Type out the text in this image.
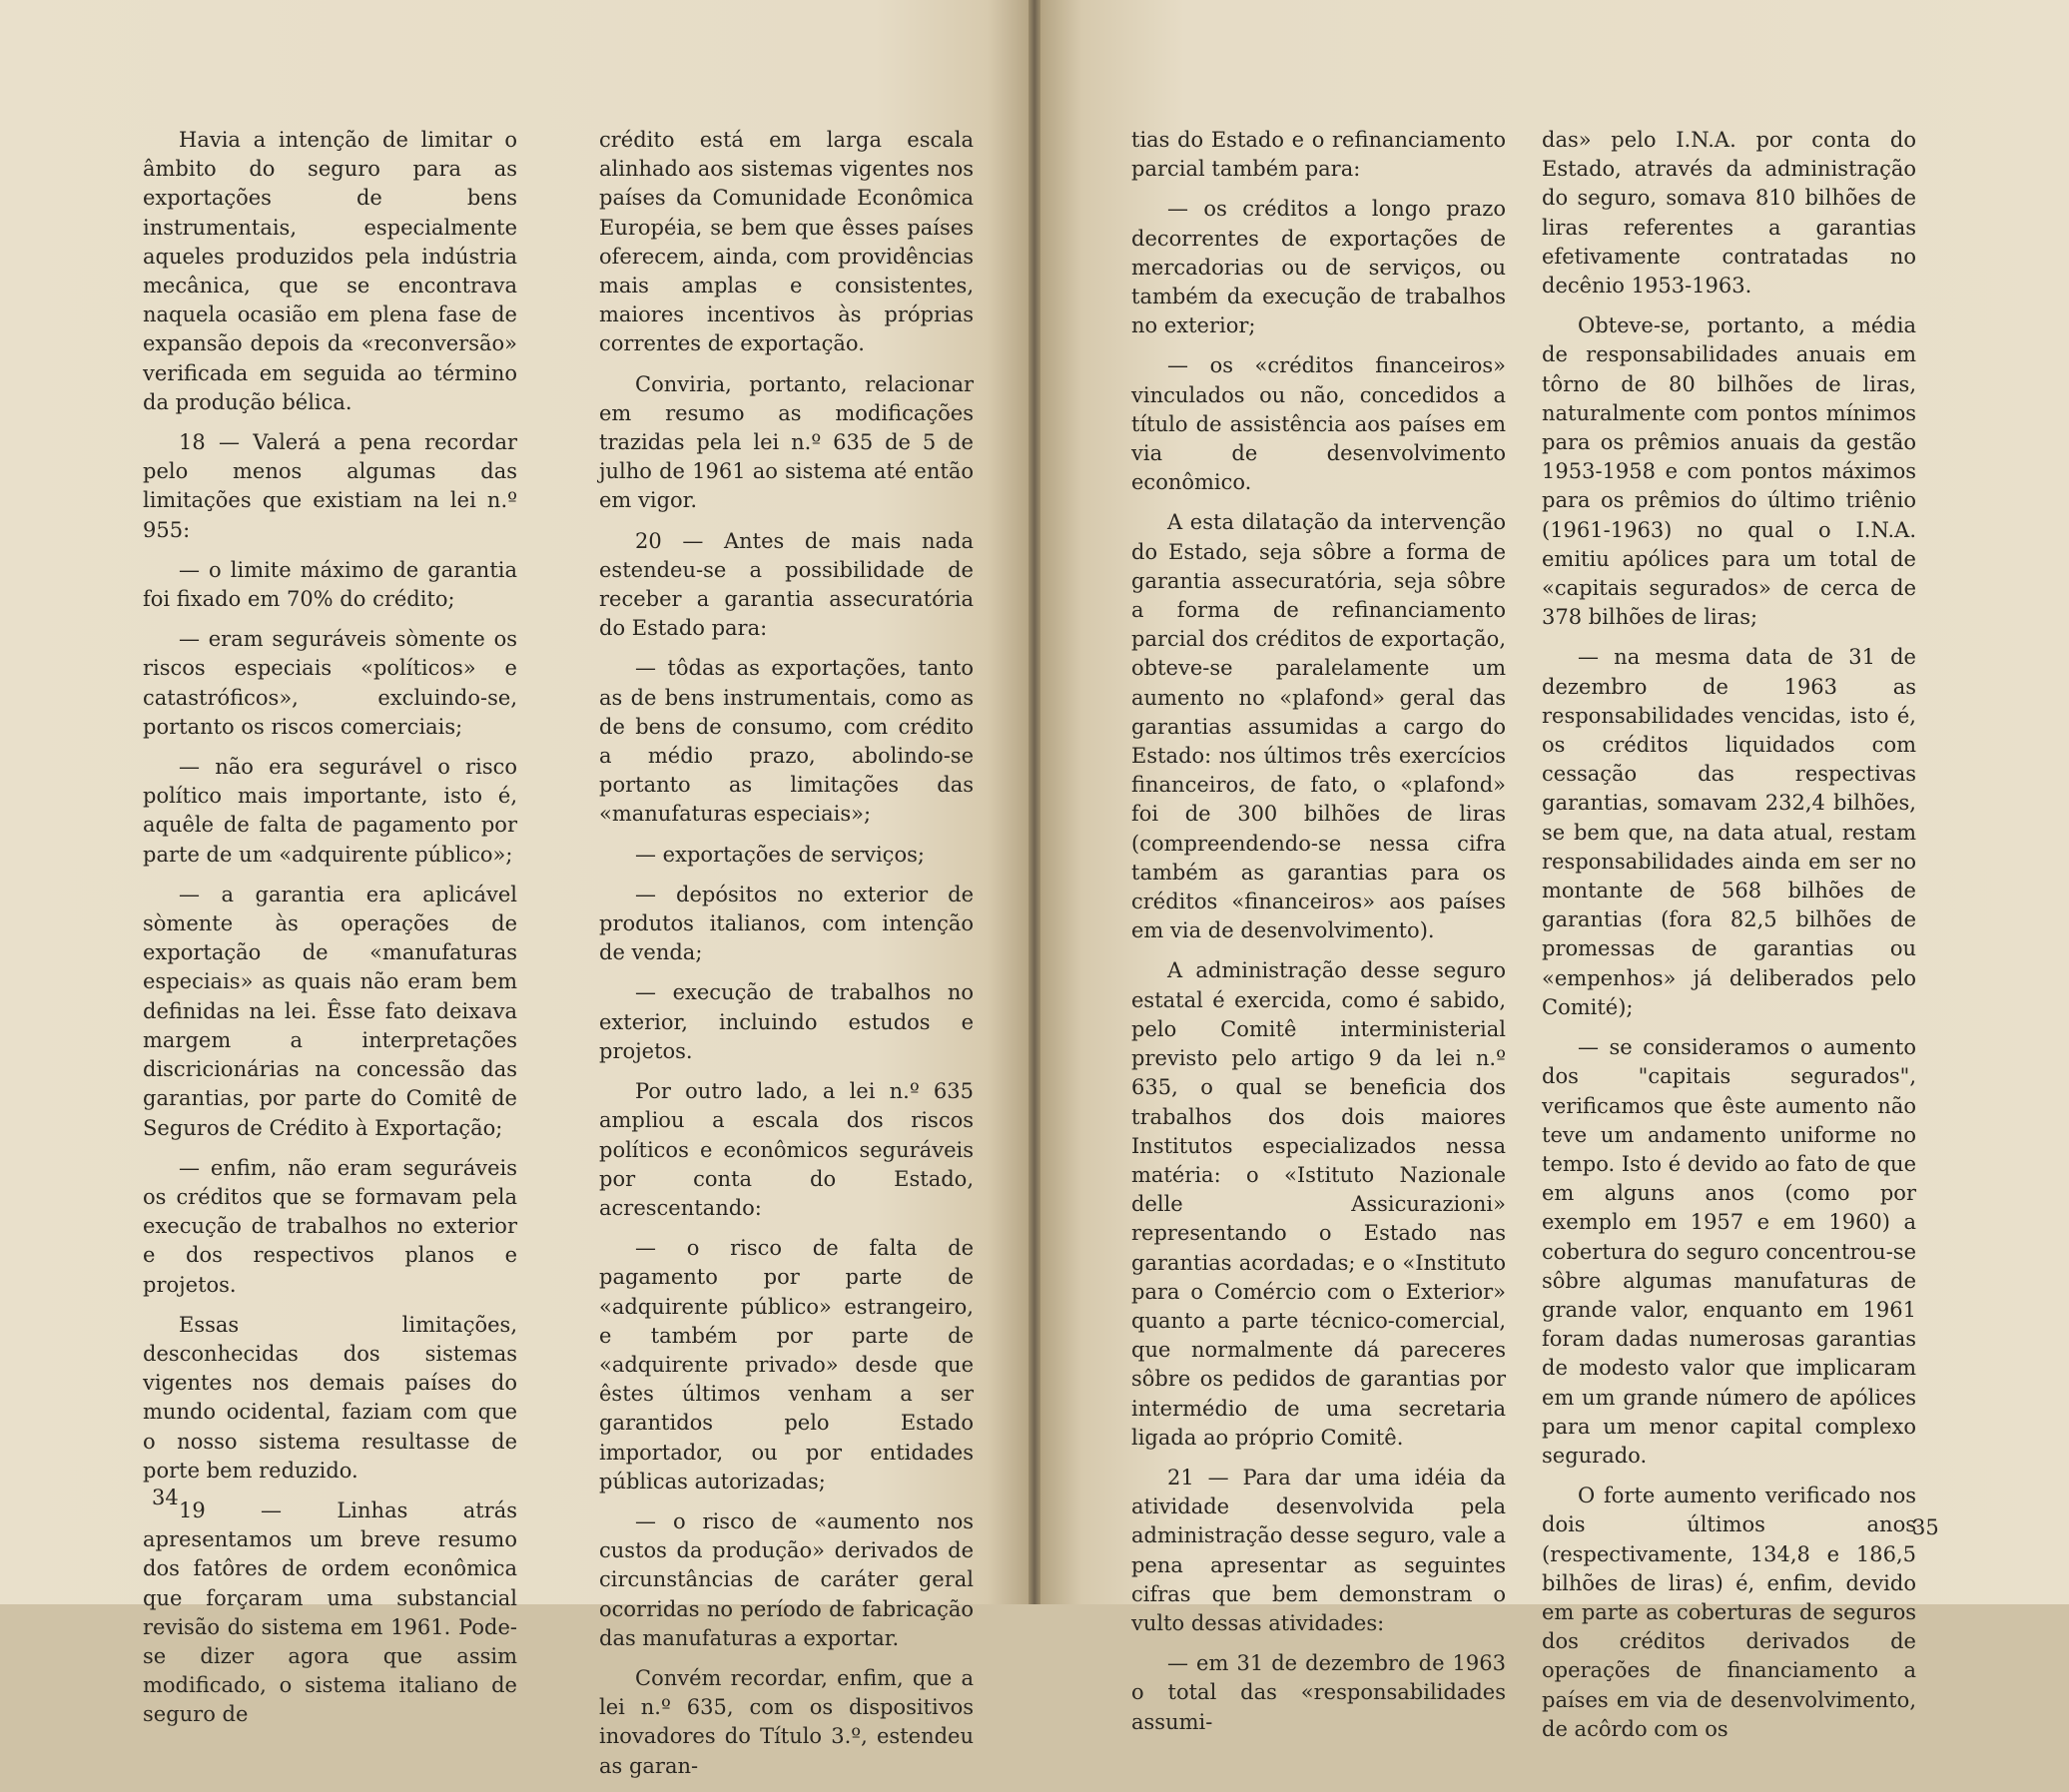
Havia a intenção de limitar o âmbito do seguro para as exportações de bens instrumentais, especialmente aqueles produzidos pela indústria mecânica, que se encontrava naquela ocasião em plena fase de expansão depois da «reconversão» verificada em seguida ao término da produção bélica.

18 — Valerá a pena recordar pelo menos algumas das limitações que existiam na lei n.º 955:

— o limite máximo de garantia foi fixado em 70% do crédito;

— eram seguráveis sòmente os riscos especiais «políticos» e catastróficos», excluindo-se, portanto os riscos comerciais;

— não era segurável o risco político mais importante, isto é, aquêle de falta de pagamento por parte de um «adquirente público»;

— a garantia era aplicável sòmente às operações de exportação de «manufaturas especiais» as quais não eram bem definidas na lei. Êsse fato deixava margem a interpretações discricionárias na concessão das garantias, por parte do Comitê de Seguros de Crédito à Exportação;

— enfim, não eram seguráveis os créditos que se formavam pela execução de trabalhos no exterior e dos respectivos planos e projetos.

Essas limitações, desconhecidas dos sistemas vigentes nos demais países do mundo ocidental, faziam com que o nosso sistema resultasse de porte bem reduzido.

19 — Linhas atrás apresentamos um breve resumo dos fatôres de ordem econômica que forçaram uma substancial revisão do sistema em 1961. Pode-se dizer agora que assim modificado, o sistema italiano de seguro de

crédito está em larga escala alinhado aos sistemas vigentes nos países da Comunidade Econômica Européia, se bem que êsses países oferecem, ainda, com providências mais amplas e consistentes, maiores incentivos às próprias correntes de exportação.

Conviria, portanto, relacionar em resumo as modificações trazidas pela lei n.º 635 de 5 de julho de 1961 ao sistema até então em vigor.

20 — Antes de mais nada estendeu-se a possibilidade de receber a garantia assecuratória do Estado para:

— tôdas as exportações, tanto as de bens instrumentais, como as de bens de consumo, com crédito a médio prazo, abolindo-se portanto as limitações das «manufaturas especiais»;

— exportações de serviços;

— depósitos no exterior de produtos italianos, com intenção de venda;

— execução de trabalhos no exterior, incluindo estudos e projetos.

Por outro lado, a lei n.º 635 ampliou a escala dos riscos políticos e econômicos seguráveis por conta do Estado, acrescentando:

— o risco de falta de pagamento por parte de «adquirente público» estrangeiro, e também por parte de «adquirente privado» desde que êstes últimos venham a ser garantidos pelo Estado importador, ou por entidades públicas autorizadas;

— o risco de «aumento nos custos da produção» derivados de circunstâncias de caráter geral ocorridas no período de fabricação das manufaturas a exportar.

Convém recordar, enfim, que a lei n.º 635, com os dispositivos inovadores do Título 3.º, estendeu as garan-

34

tias do Estado e o refinanciamento parcial também para:

— os créditos a longo prazo decorrentes de exportações de mercadorias ou de serviços, ou também da execução de trabalhos no exterior;

— os «créditos financeiros» vinculados ou não, concedidos a título de assistência aos países em via de desenvolvimento econômico.

A esta dilatação da intervenção do Estado, seja sôbre a forma de garantia assecuratória, seja sôbre a forma de refinanciamento parcial dos créditos de exportação, obteve-se paralelamente um aumento no «plafond» geral das garantias assumidas a cargo do Estado: nos últimos três exercícios financeiros, de fato, o «plafond» foi de 300 bilhões de liras (compreendendo-se nessa cifra também as garantias para os créditos «financeiros» aos países em via de desenvolvimento).

A administração desse seguro estatal é exercida, como é sabido, pelo Comitê interministerial previsto pelo artigo 9 da lei n.º 635, o qual se beneficia dos trabalhos dos dois maiores Institutos especializados nessa matéria: o «Istituto Nazionale delle Assicurazioni» representando o Estado nas garantias acordadas; e o «Instituto para o Comércio com o Exterior» quanto a parte técnico-comercial, que normalmente dá pareceres sôbre os pedidos de garantias por intermédio de uma secretaria ligada ao próprio Comitê.

21 — Para dar uma idéia da atividade desenvolvida pela administração desse seguro, vale a pena apresentar as seguintes cifras que bem demonstram o vulto dessas atividades:

— em 31 de dezembro de 1963 o total das «responsabilidades assumi-

das» pelo I.N.A. por conta do Estado, através da administração do seguro, somava 810 bilhões de liras referentes a garantias efetivamente contratadas no decênio 1953-1963.

Obteve-se, portanto, a média de responsabilidades anuais em tôrno de 80 bilhões de liras, naturalmente com pontos mínimos para os prêmios anuais da gestão 1953-1958 e com pontos máximos para os prêmios do último triênio (1961-1963) no qual o I.N.A. emitiu apólices para um total de «capitais segurados» de cerca de 378 bilhões de liras;

— na mesma data de 31 de dezembro de 1963 as responsabilidades vencidas, isto é, os créditos liquidados com cessação das respectivas garantias, somavam 232,4 bilhões, se bem que, na data atual, restam responsabilidades ainda em ser no montante de 568 bilhões de garantias (fora 82,5 bilhões de promessas de garantias ou «empenhos» já deliberados pelo Comité);

— se consideramos o aumento dos "capitais segurados", verificamos que êste aumento não teve um andamento uniforme no tempo. Isto é devido ao fato de que em alguns anos (como por exemplo em 1957 e em 1960) a cobertura do seguro concentrou-se sôbre algumas manufaturas de grande valor, enquanto em 1961 foram dadas numerosas garantias de modesto valor que implicaram em um grande número de apólices para um menor capital complexo segurado.

O forte aumento verificado nos dois últimos anos (respectivamente, 134,8 e 186,5 bilhões de liras) é, enfim, devido em parte as coberturas de seguros dos créditos derivados de operações de financiamento a países em via de desenvolvimento, de acôrdo com os

35
